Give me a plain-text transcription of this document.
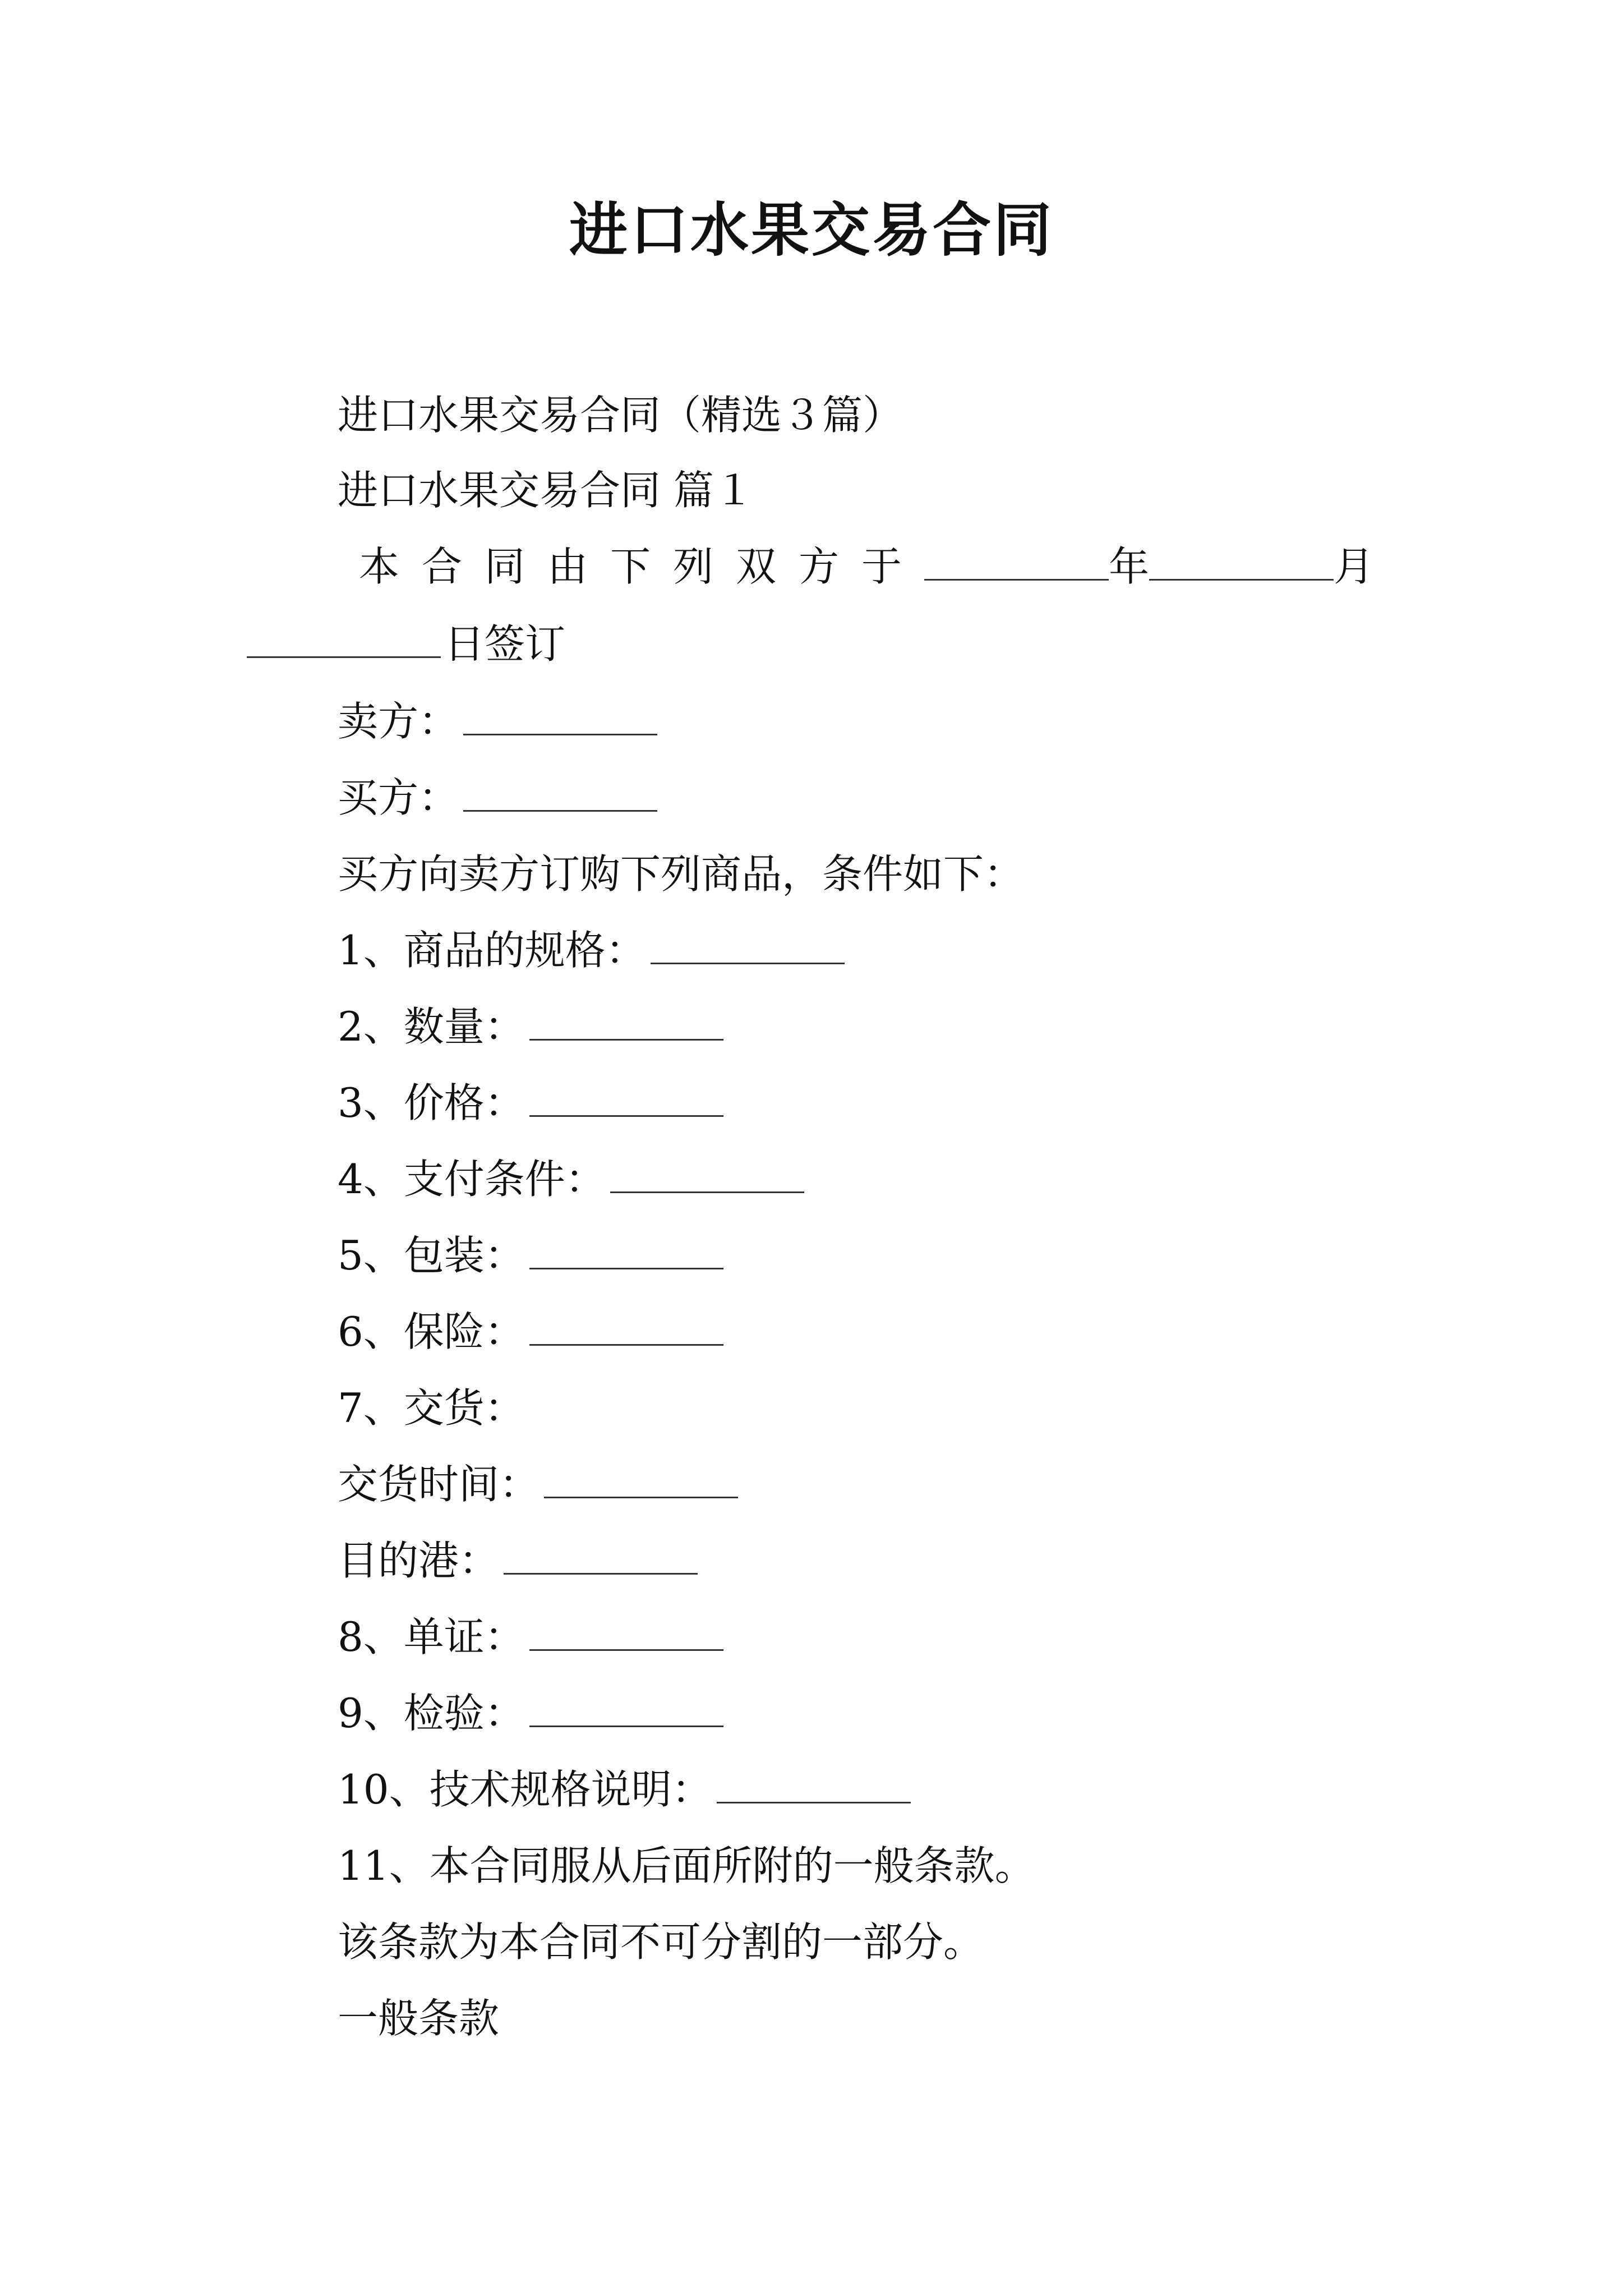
进口水果交易合同
进口水果交易合同（精选３篇）
进口水果交易合同 篇１
本合同由下列双方于	年	月
日签订
卖方：
买方：
买方向卖方订购下列商品，条件如下：
1、商品的规格：
2、数量：
3、价格：
4、支付条件：
5、包装：
6、保险：
7、交货：
交货时间：
目的港：
8、单证：
9、检验：
10、技术规格说明：
11、本合同服从后面所附的一般条款。
该条款为本合同不可分割的一部分。
一般条款
